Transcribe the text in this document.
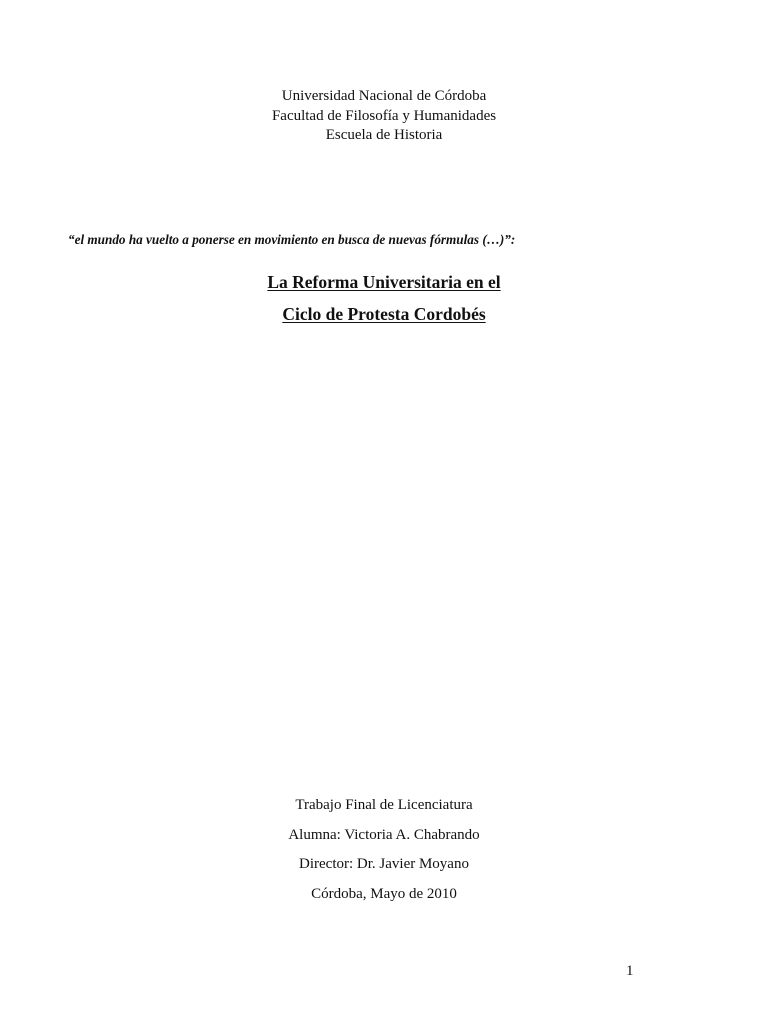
Universidad Nacional de Córdoba
Facultad de Filosofía y Humanidades
Escuela de Historia
“el mundo ha vuelto a ponerse en movimiento en busca de nuevas fórmulas (…)”:
La Reforma Universitaria en el
Ciclo de Protesta Cordobés
Trabajo Final de Licenciatura
Alumna: Victoria A. Chabrando
Director: Dr. Javier Moyano
Córdoba, Mayo de 2010
1
